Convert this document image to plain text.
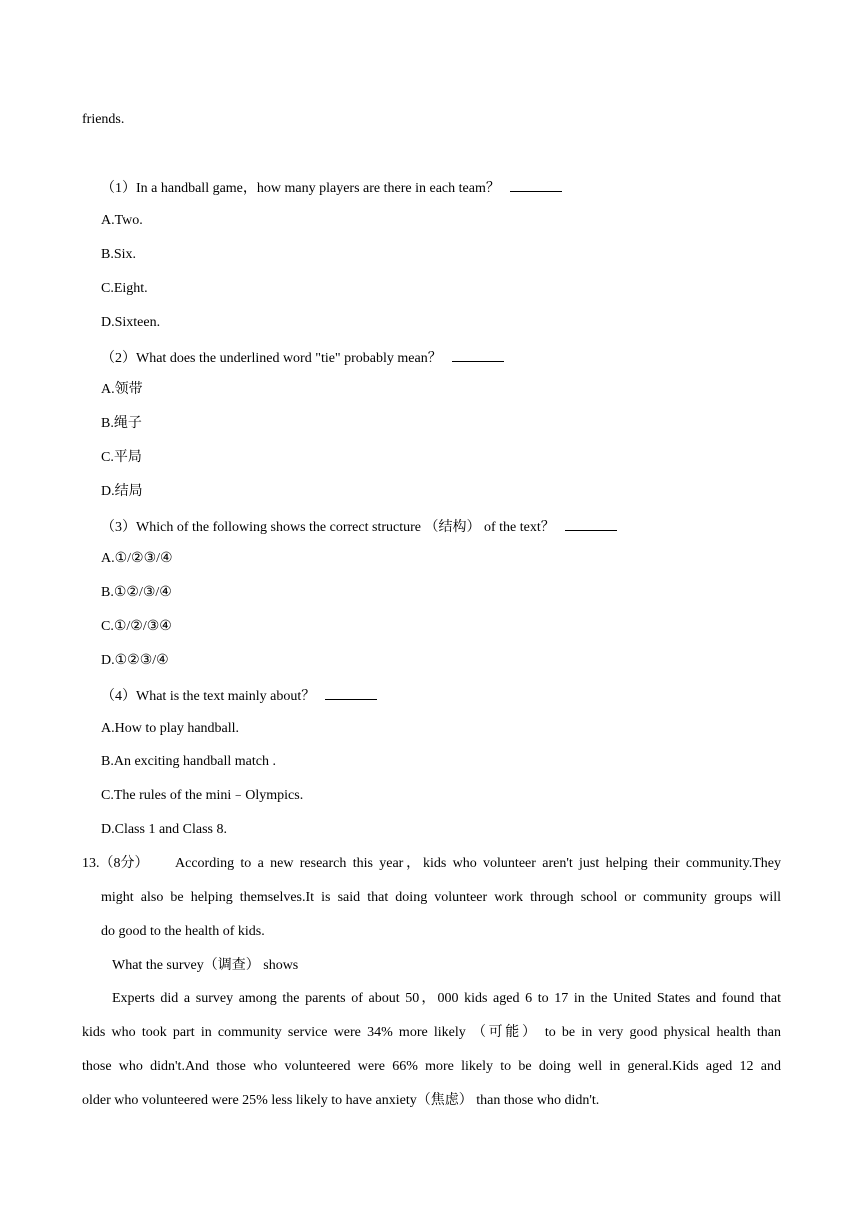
friends.
（1）In a handball game，how many players are there in each team？
A.Two.
B.Six.
C.Eight.
D.Sixteen.
（2）What does the underlined word "tie" probably mean？
A.领带
B.绳子
C.平局
D.结局
（3）Which of the following shows the correct structure （结构） of the text？
A.①/②③/④
B.①②/③/④
C.①/②/③④
D.①②③/④
（4）What is the text mainly about？
A.How to play handball.
B.An exciting handball match .
C.The rules of the mini﹣Olympics.
D.Class 1 and Class 8.
13.（8分） According to a new research this year，kids who volunteer aren't just helping their community.They
might also be helping themselves.It is said that doing volunteer work through school or community groups will
do good to the health of kids.
What the survey（调查） shows
Experts did a survey among the parents of about 50，000 kids aged 6 to 17 in the United States and found that
kids who took part in community service were 34% more likely （可能） to be in very good physical health than
those who didn't.And those who volunteered were 66% more likely to be doing well in general.Kids aged 12 and
older who volunteered were 25% less likely to have anxiety（焦虑） than those who didn't.
